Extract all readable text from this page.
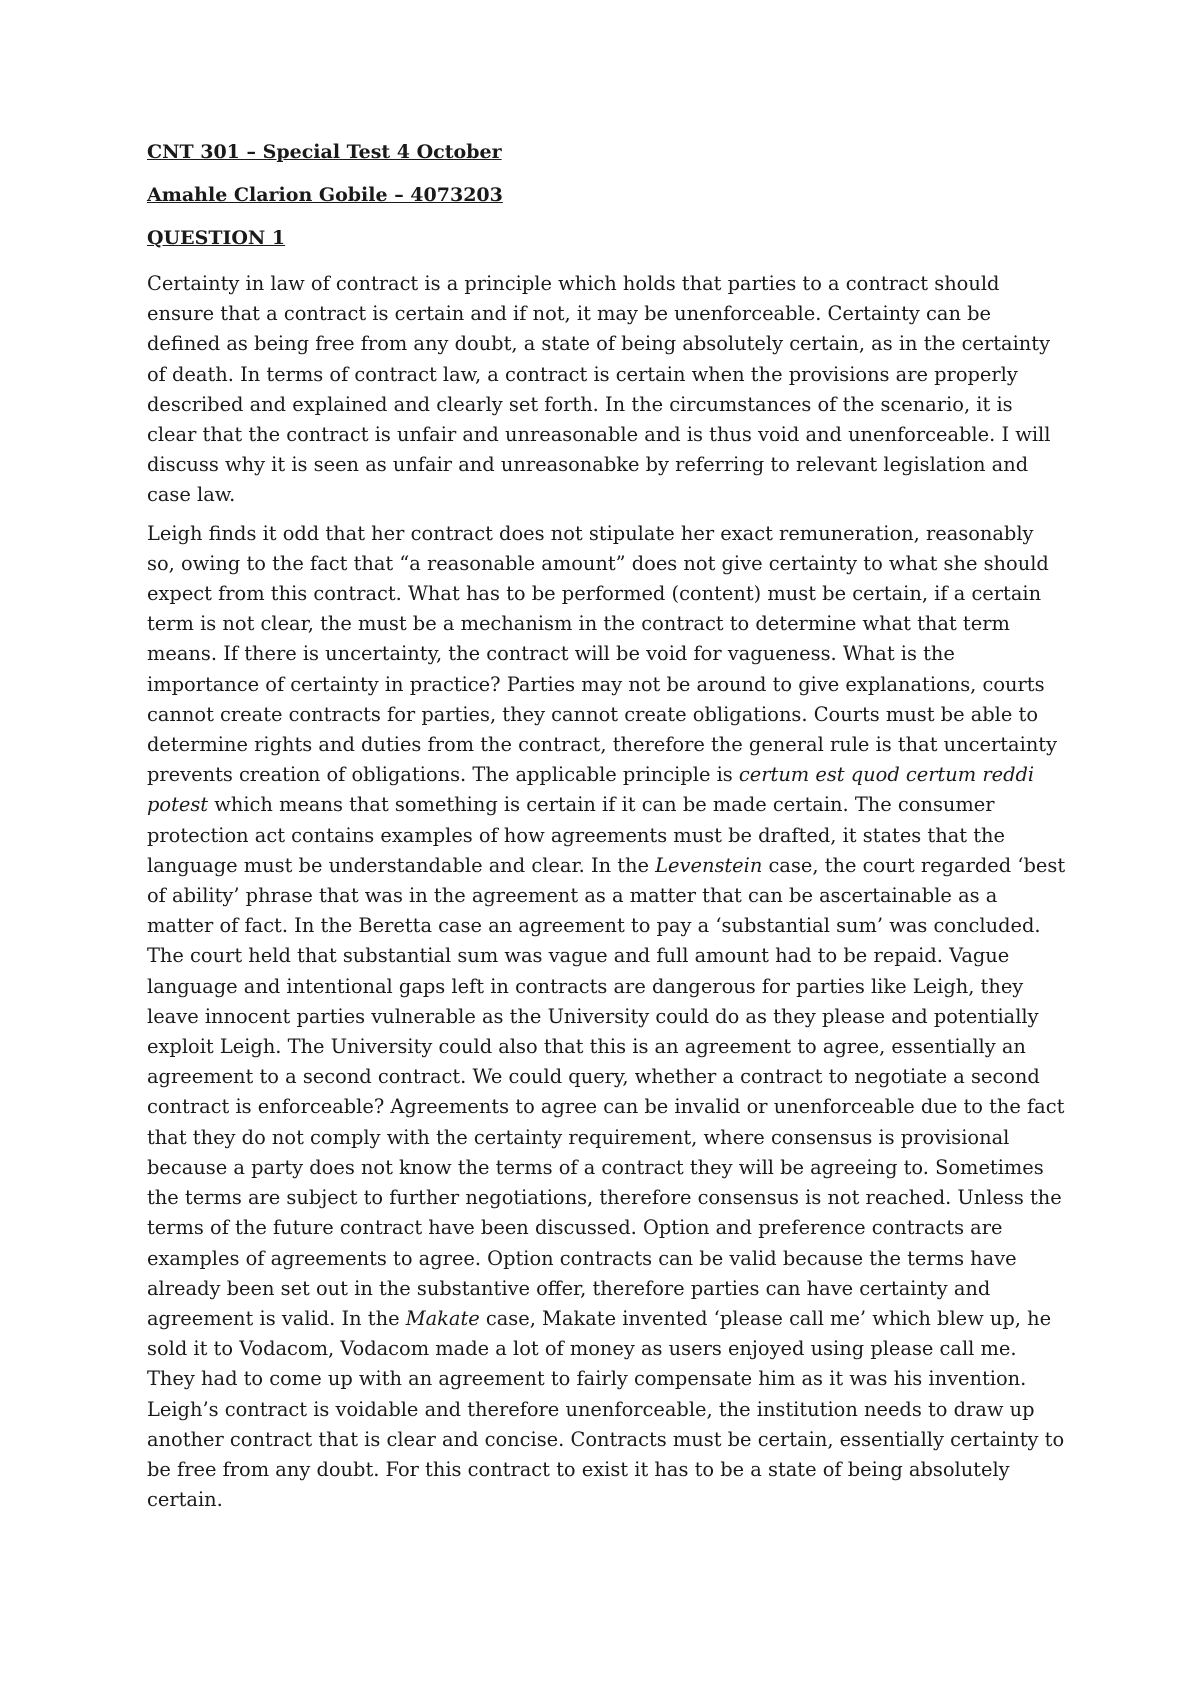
CNT 301 – Special Test 4 October
Amahle Clarion Gobile – 4073203
QUESTION 1

Certainty in law of contract is a principle which holds that parties to a contract should ensure that a contract is certain and if not, it may be unenforceable. Certainty can be defined as being free from any doubt, a state of being absolutely certain, as in the certainty of death. In terms of contract law, a contract is certain when the provisions are properly described and explained and clearly set forth. In the circumstances of the scenario, it is clear that the contract is unfair and unreasonable and is thus void and unenforceable. I will discuss why it is seen as unfair and unreasonabke by referring to relevant legislation and case law.

Leigh finds it odd that her contract does not stipulate her exact remuneration, reasonably so, owing to the fact that “a reasonable amount” does not give certainty to what she should expect from this contract. What has to be performed (content) must be certain, if a certain term is not clear, the must be a mechanism in the contract to determine what that term means. If there is uncertainty, the contract will be void for vagueness. What is the importance of certainty in practice? Parties may not be around to give explanations, courts cannot create contracts for parties, they cannot create obligations. Courts must be able to determine rights and duties from the contract, therefore the general rule is that uncertainty prevents creation of obligations. The applicable principle is certum est quod certum reddi potest which means that something is certain if it can be made certain. The consumer protection act contains examples of how agreements must be drafted, it states that the language must be understandable and clear. In the Levenstein case, the court regarded ‘best of ability’ phrase that was in the agreement as a matter that can be ascertainable as a matter of fact. In the Beretta case an agreement to pay a ‘substantial sum’ was concluded. The court held that substantial sum was vague and full amount had to be repaid. Vague language and intentional gaps left in contracts are dangerous for parties like Leigh, they leave innocent parties vulnerable as the University could do as they please and potentially exploit Leigh. The University could also that this is an agreement to agree, essentially an agreement to a second contract. We could query, whether a contract to negotiate a second contract is enforceable? Agreements to agree can be invalid or unenforceable due to the fact that they do not comply with the certainty requirement, where consensus is provisional because a party does not know the terms of a contract they will be agreeing to. Sometimes the terms are subject to further negotiations, therefore consensus is not reached. Unless the terms of the future contract have been discussed. Option and preference contracts are examples of agreements to agree. Option contracts can be valid because the terms have already been set out in the substantive offer, therefore parties can have certainty and agreement is valid. In the Makate case, Makate invented ‘please call me’ which blew up, he sold it to Vodacom, Vodacom made a lot of money as users enjoyed using please call me. They had to come up with an agreement to fairly compensate him as it was his invention. Leigh’s contract is voidable and therefore unenforceable, the institution needs to draw up another contract that is clear and concise. Contracts must be certain, essentially certainty to be free from any doubt. For this contract to exist it has to be a state of being absolutely certain.
